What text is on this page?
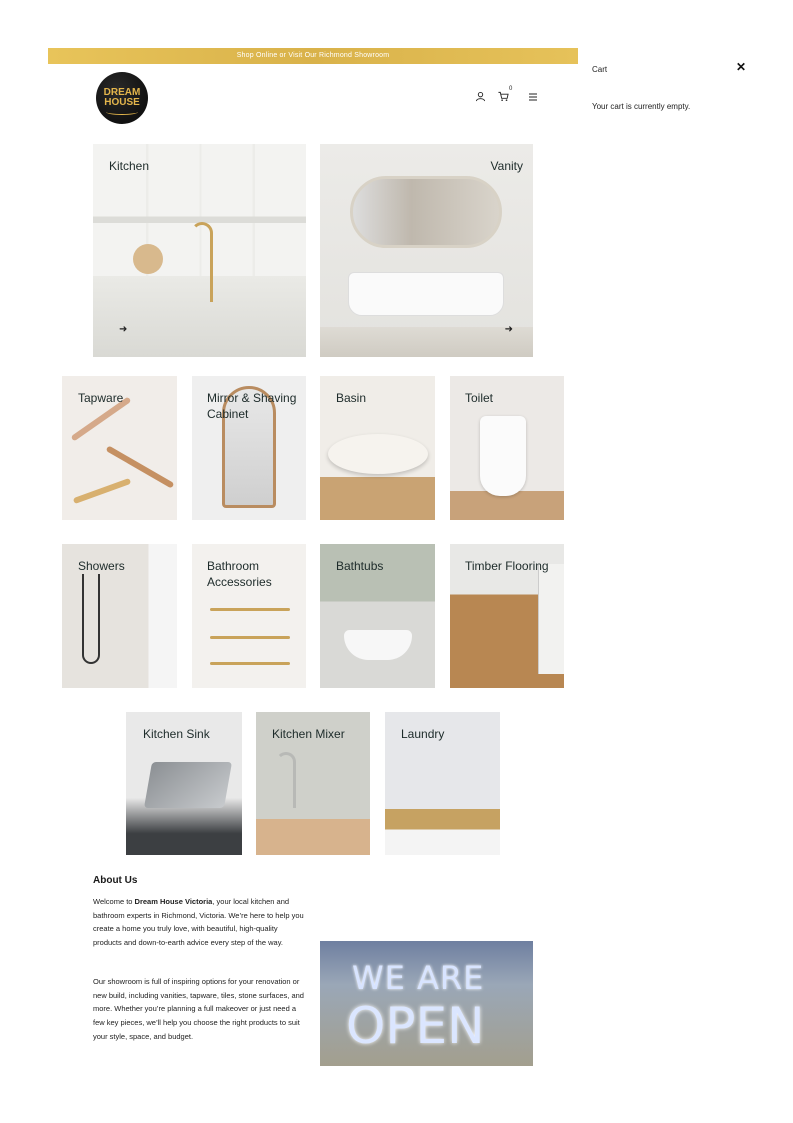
Shop Online or Visit Our Richmond Showroom
DREAM
HOUSE
0
Kitchen
➜
Vanity
➜
Tapware	Mirror & Shaving Cabinet
Basin	Toilet
Showers	Bathroom Accessories
Bathtubs	Timber Flooring
Kitchen Sink	Kitchen Mixer	Laundry
About Us

Welcome to Dream House Victoria, your local kitchen and bathroom experts in Richmond, Victoria. We’re here to help you create a home you truly love, with beautiful, high-quality products and down-to-earth advice every step of the way.

Our showroom is full of inspiring options for your renovation or new build, including vanities, tapware, tiles, stone surfaces, and more. Whether you’re planning a full makeover or just need a few key pieces, we’ll help you choose the right products to suit your style, space, and budget.

WE ARE
OPEN
Cart	✕
Your cart is currently empty.
